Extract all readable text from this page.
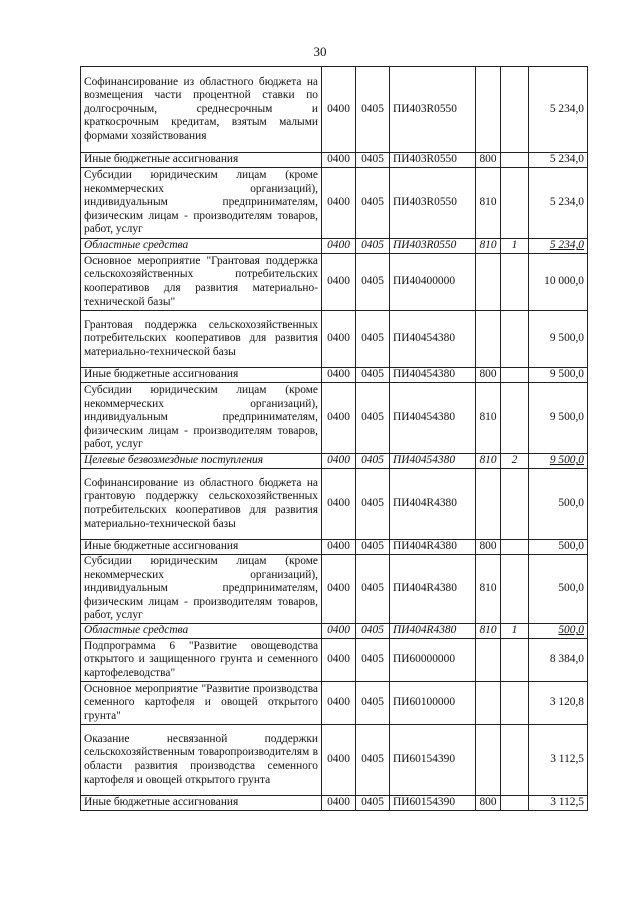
30
Софинансирование из областного бюджета на возмещения части процентной ставки по долгосрочным, среднесрочным и краткосрочным кредитам, взятым малыми формами хозяйствования	0400	0405	ПИ403R0550			5 234,0
Иные бюджетные ассигнования	0400	0405	ПИ403R0550	800		5 234,0
Субсидии юридическим лицам (кроме некоммерческих организаций), индивидуальным предпринимателям, физическим лицам - производителям товаров, работ, услуг	0400	0405	ПИ403R0550	810		5 234,0
Областные средства	0400	0405	ПИ403R0550	810	1	5 234,0
Основное мероприятие "Грантовая поддержка сельскохозяйственных потребительских кооперативов для развития материально-технической базы"	0400	0405	ПИ40400000			10 000,0
Грантовая поддержка сельскохозяйственных потребительских кооперативов для развития материально-технической базы	0400	0405	ПИ40454380			9 500,0
Иные бюджетные ассигнования	0400	0405	ПИ40454380	800		9 500,0
Субсидии юридическим лицам (кроме некоммерческих организаций), индивидуальным предпринимателям, физическим лицам - производителям товаров, работ, услуг	0400	0405	ПИ40454380	810		9 500,0
Целевые безвозмездные поступления	0400	0405	ПИ40454380	810	2	9 500,0
Софинансирование из областного бюджета на грантовую поддержку сельскохозяйственных потребительских кооперативов для развития материально-технической базы	0400	0405	ПИ404R4380			500,0
Иные бюджетные ассигнования	0400	0405	ПИ404R4380	800		500,0
Субсидии юридическим лицам (кроме некоммерческих организаций), индивидуальным предпринимателям, физическим лицам - производителям товаров, работ, услуг	0400	0405	ПИ404R4380	810		500,0
Областные средства	0400	0405	ПИ404R4380	810	1	500,0
Подпрограмма 6 "Развитие овощеводства открытого и защищенного грунта и семенного картофелеводства"	0400	0405	ПИ60000000			8 384,0
Основное мероприятие "Развитие производства семенного картофеля и овощей открытого грунта"	0400	0405	ПИ60100000			3 120,8
Оказание несвязанной поддержки сельскохозяйственным товаропроизводителям в области развития производства семенного картофеля и овощей открытого грунта	0400	0405	ПИ60154390			3 112,5
Иные бюджетные ассигнования	0400	0405	ПИ60154390	800		3 112,5
